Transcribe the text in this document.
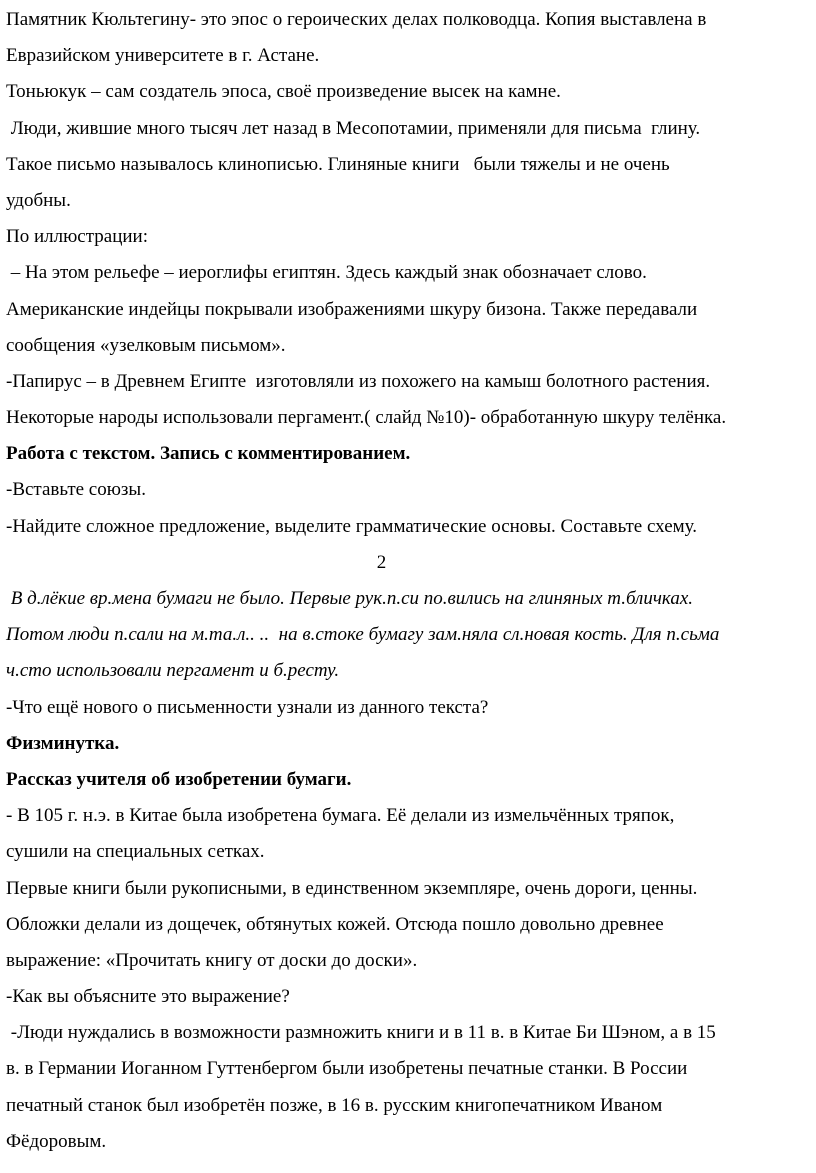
Памятник Кюльтегину- это эпос о героических делах полководца. Копия выставлена в
Евразийском университете в г. Астане.
Тоньюкук – сам создатель эпоса, своё произведение высек на камне.
Люди, жившие много тысяч лет назад в Месопотамии, применяли для письма  глину.
Такое письмо называлось клинописью. Глиняные книги   были тяжелы и не очень
удобны.
По иллюстрации:
– На этом рельефе – иероглифы египтян. Здесь каждый знак обозначает слово.
Американские индейцы покрывали изображениями шкуру бизона. Также передавали
сообщения «узелковым письмом».
-Папирус – в Древнем Египте  изготовляли из похожего на камыш болотного растения.
Некоторые народы использовали пергамент.( слайд №10)- обработанную шкуру телёнка.
Работа с текстом. Запись с комментированием.
-Вставьте союзы.
-Найдите сложное предложение, выделите грамматические основы. Составьте схему.
2
В д.лёкие вр.мена бумаги не было. Первые рук.п.си по.вились на глиняных т.бличках.
Потом люди п.сали на м.та.л.. ..  на в.стоке бумагу зам.няла сл.новая кость. Для п.сьма
ч.сто использовали пергамент и б.ресту.
-Что ещё нового о письменности узнали из данного текста?
Физминутка.
Рассказ учителя об изобретении бумаги.
- В 105 г. н.э. в Китае была изобретена бумага. Её делали из измельчённых тряпок,
сушили на специальных сетках.
Первые книги были рукописными, в единственном экземпляре, очень дороги, ценны.
Обложки делали из дощечек, обтянутых кожей. Отсюда пошло довольно древнее
выражение: «Прочитать книгу от доски до доски».
-Как вы объясните это выражение?
-Люди нуждались в возможности размножить книги и в 11 в. в Китае Би Шэном, а в 15
в. в Германии Иоганном Гуттенбергом были изобретены печатные станки. В России
печатный станок был изобретён позже, в 16 в. русским книгопечатником Иваном
Фёдоровым.
